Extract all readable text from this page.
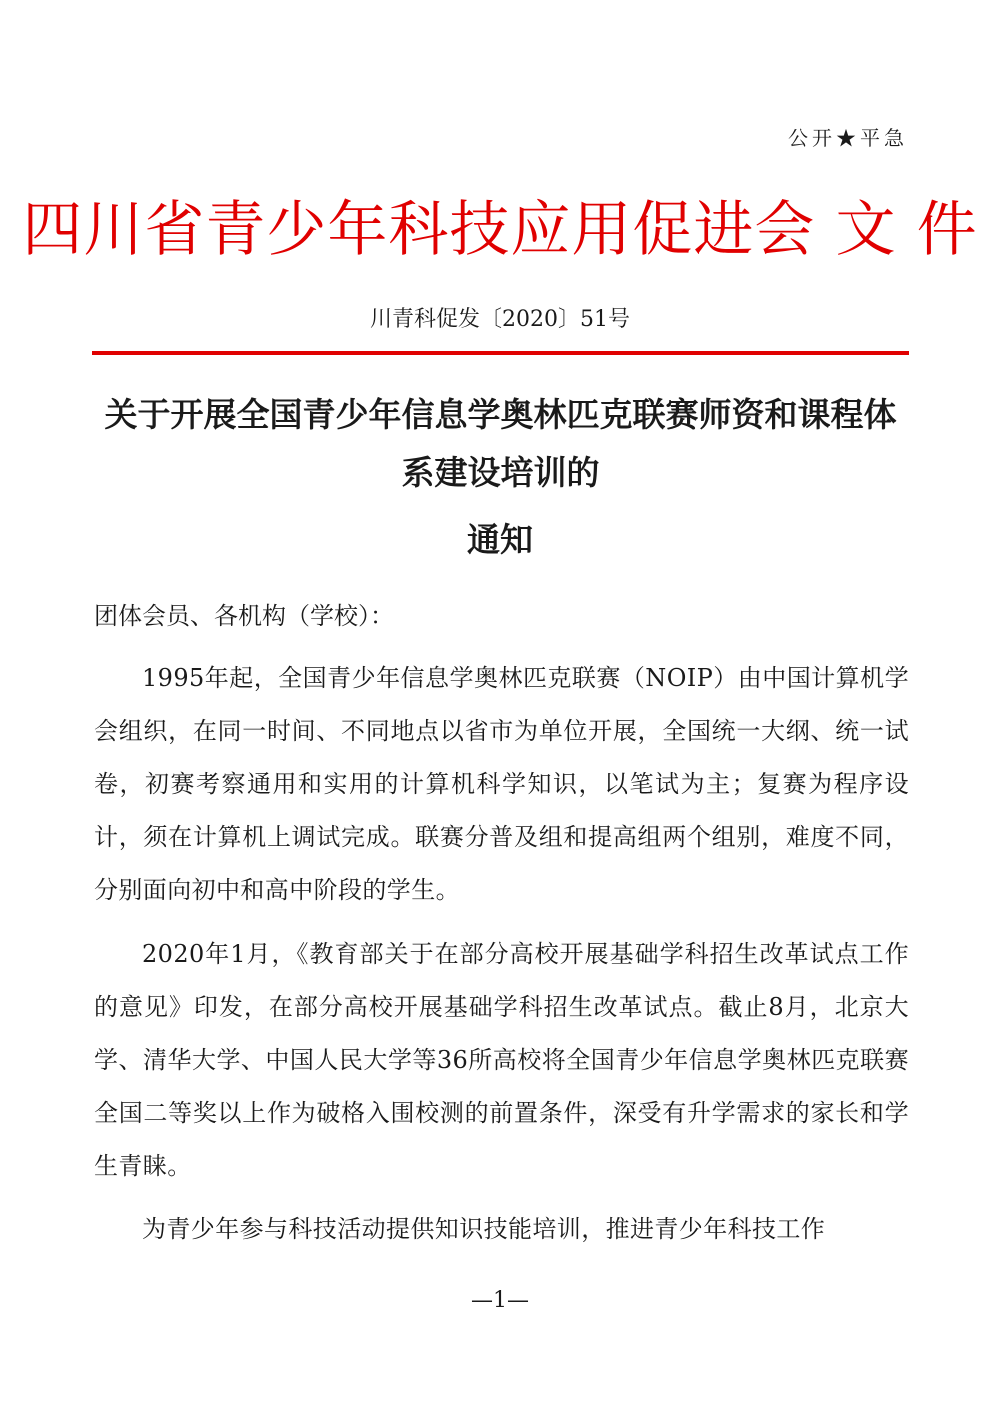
公开★平急
四川省青少年科技应用促进会 文 件
川青科促发〔2020〕51号
关于开展全国青少年信息学奥林匹克联赛师资和课程体系建设培训的
通知
团体会员、各机构（学校）：

1995年起，全国青少年信息学奥林匹克联赛（NOIP）由中国计算机学会组织，在同一时间、不同地点以省市为单位开展，全国统一大纲、统一试卷，初赛考察通用和实用的计算机科学知识，以笔试为主；复赛为程序设计，须在计算机上调试完成。联赛分普及组和提高组两个组别，难度不同，分别面向初中和高中阶段的学生。

2020年1月，《教育部关于在部分高校开展基础学科招生改革试点工作的意见》印发，在部分高校开展基础学科招生改革试点。截止8月，北京大学、清华大学、中国人民大学等36所高校将全国青少年信息学奥林匹克联赛全国二等奖以上作为破格入围校测的前置条件，深受有升学需求的家长和学生青睐。

为青少年参与科技活动提供知识技能培训，推进青少年科技工作

—1—
